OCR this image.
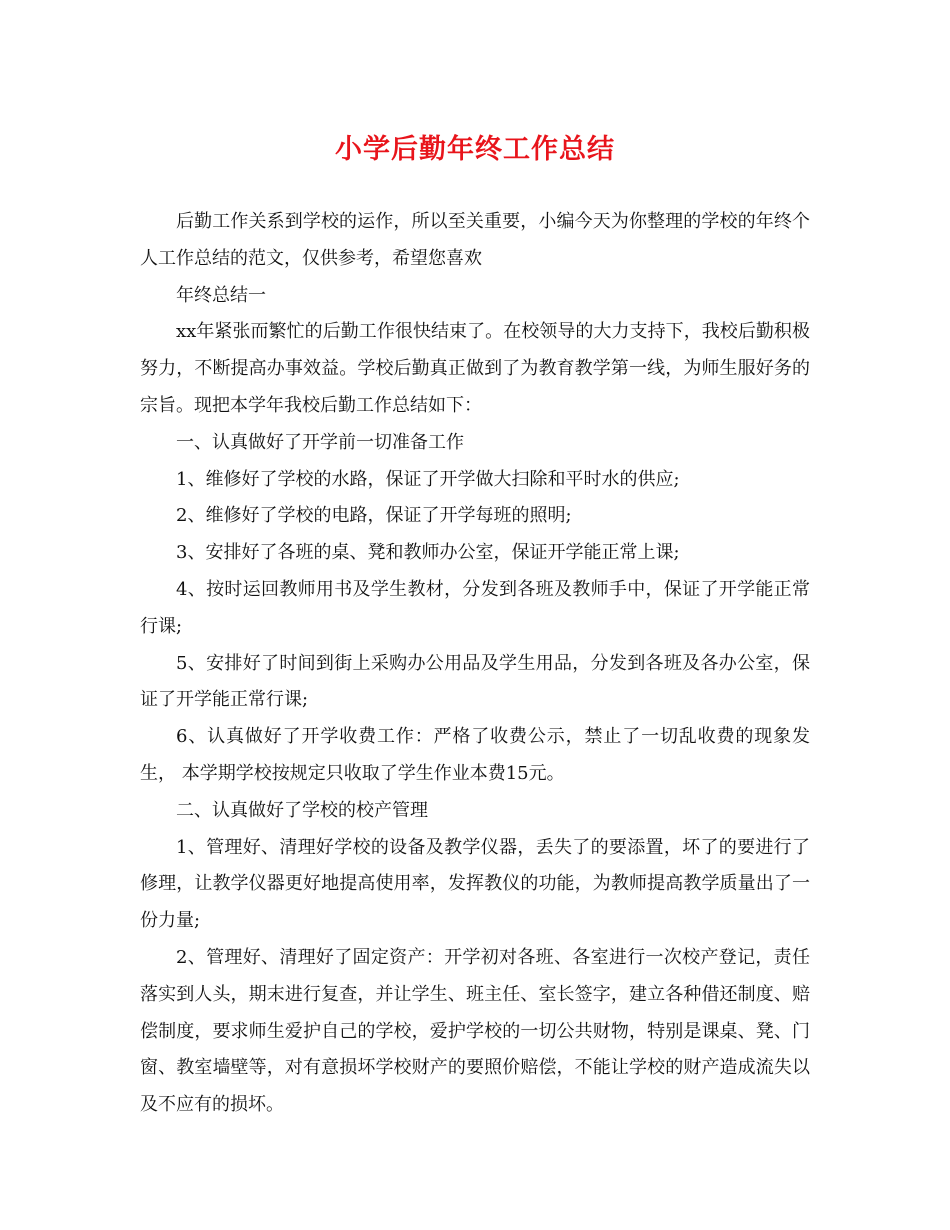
小学后勤年终工作总结

后勤工作关系到学校的运作，所以至关重要，小编今天为你整理的学校的年终个人工作总结的范文，仅供参考，希望您喜欢

年终总结一

xx年紧张而繁忙的后勤工作很快结束了。在校领导的大力支持下，我校后勤积极努力，不断提高办事效益。学校后勤真正做到了为教育教学第一线，为师生服好务的宗旨。现把本学年我校后勤工作总结如下：

一、认真做好了开学前一切准备工作

1、维修好了学校的水路，保证了开学做大扫除和平时水的供应;

2、维修好了学校的电路，保证了开学每班的照明;

3、安排好了各班的桌、凳和教师办公室，保证开学能正常上课;

4、按时运回教师用书及学生教材，分发到各班及教师手中，保证了开学能正常行课;

5、安排好了时间到街上采购办公用品及学生用品，分发到各班及各办公室，保证了开学能正常行课;

6、认真做好了开学收费工作：严格了收费公示，禁止了一切乱收费的现象发生， 本学期学校按规定只收取了学生作业本费15元。

二、认真做好了学校的校产管理

1、管理好、清理好学校的设备及教学仪器，丢失了的要添置，坏了的要进行了修理，让教学仪器更好地提高使用率，发挥教仪的功能，为教师提高教学质量出了一份力量;

2、管理好、清理好了固定资产：开学初对各班、各室进行一次校产登记，责任落实到人头，期末进行复查，并让学生、班主任、室长签字，建立各种借还制度、赔偿制度，要求师生爱护自己的学校，爱护学校的一切公共财物，特别是课桌、凳、门窗、教室墙壁等，对有意损坏学校财产的要照价赔偿，不能让学校的财产造成流失以及不应有的损坏。
